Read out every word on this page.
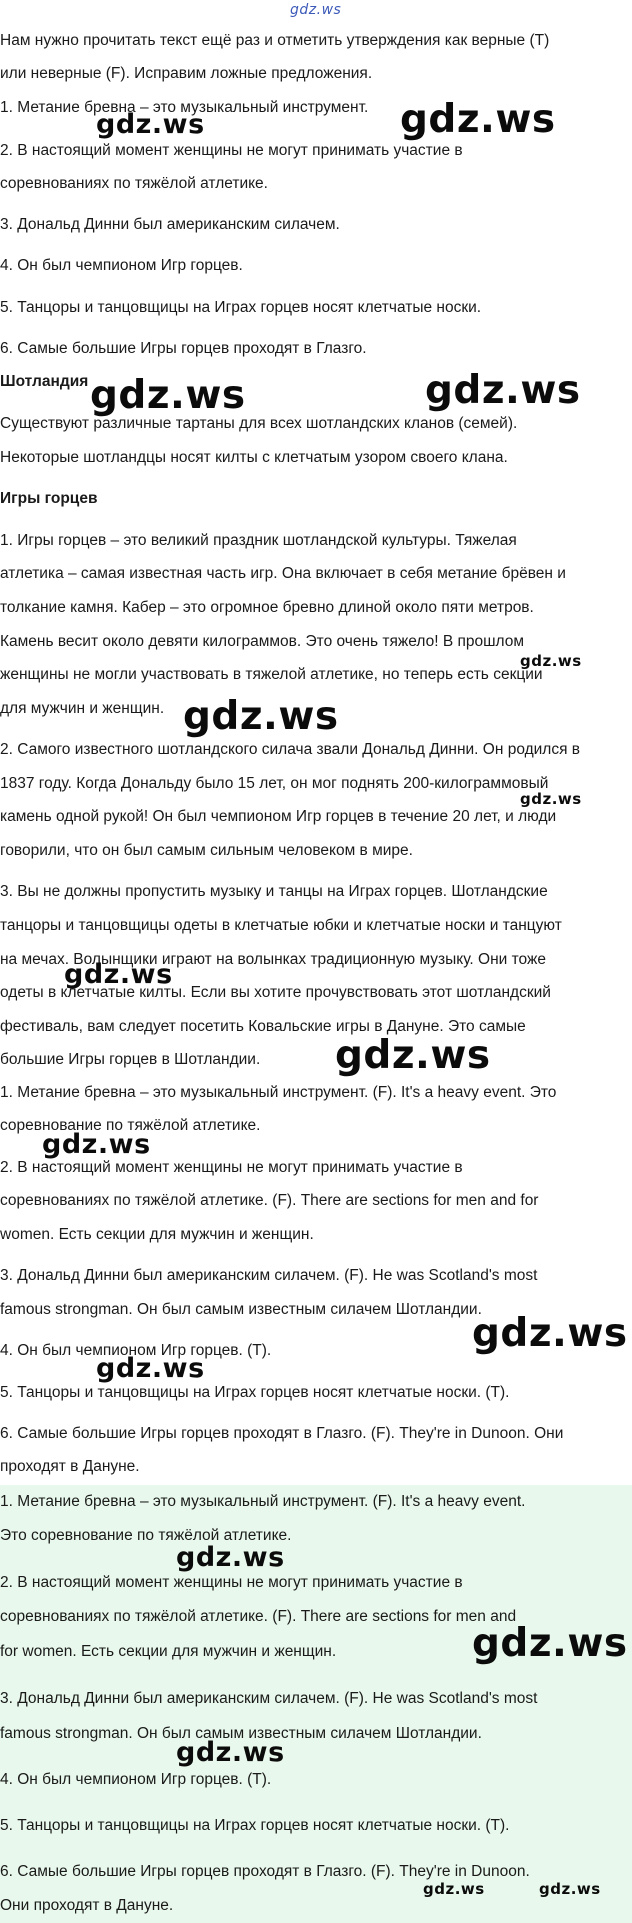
gdz.ws
Нам нужно прочитать текст ещё раз и отметить утверждения как верные (T)
или неверные (F). Исправим ложные предложения.
1. Метание бревна – это музыкальный инструмент.
2. В настоящий момент женщины не могут принимать участие в
соревнованиях по тяжёлой атлетике.
3. Дональд Динни был американским силачем.
4. Он был чемпионом Игр горцев.
5. Танцоры и танцовщицы на Играх горцев носят клетчатые носки.
6. Самые большие Игры горцев проходят в Глазго.
Шотландия
Существуют различные тартаны для всех шотландских кланов (семей).
Некоторые шотландцы носят килты с клетчатым узором своего клана.
Игры горцев
1. Игры горцев – это великий праздник шотландской культуры. Тяжелая
атлетика – самая известная часть игр. Она включает в себя метание брёвен и
толкание камня. Кабер – это огромное бревно длиной около пяти метров.
Камень весит около девяти килограммов. Это очень тяжело! В прошлом
женщины не могли участвовать в тяжелой атлетике, но теперь есть секции
для мужчин и женщин.
2. Самого известного шотландского силача звали Дональд Динни. Он родился в
1837 году. Когда Дональду было 15 лет, он мог поднять 200-килограммовый
камень одной рукой! Он был чемпионом Игр горцев в течение 20 лет, и люди
говорили, что он был самым сильным человеком в мире.
3. Вы не должны пропустить музыку и танцы на Играх горцев. Шотландские
танцоры и танцовщицы одеты в клетчатые юбки и клетчатые носки и танцуют
на мечах. Волынщики играют на волынках традиционную музыку. Они тоже
одеты в клетчатые килты. Если вы хотите прочувствовать этот шотландский
фестиваль, вам следует посетить Ковальские игры в Дануне. Это самые
большие Игры горцев в Шотландии.
1. Метание бревна – это музыкальный инструмент. (F). It's a heavy event. Это
соревнование по тяжёлой атлетике.
2. В настоящий момент женщины не могут принимать участие в
соревнованиях по тяжёлой атлетике. (F). There are sections for men and for
women. Есть секции для мужчин и женщин.
3. Дональд Динни был американским силачем. (F). He was Scotland's most
famous strongman. Он был самым известным силачем Шотландии.
4. Он был чемпионом Игр горцев. (T).
5. Танцоры и танцовщицы на Играх горцев носят клетчатые носки. (T).
6. Самые большие Игры горцев проходят в Глазго. (F). They're in Dunoon. Они
проходят в Дануне.
1. Метание бревна – это музыкальный инструмент. (F). It's a heavy event.
Это соревнование по тяжёлой атлетике.
2. В настоящий момент женщины не могут принимать участие в
соревнованиях по тяжёлой атлетике. (F). There are sections for men and
for women. Есть секции для мужчин и женщин.
3. Дональд Динни был американским силачем. (F). He was Scotland's most
famous strongman. Он был самым известным силачем Шотландии.
4. Он был чемпионом Игр горцев. (T).
5. Танцоры и танцовщицы на Играх горцев носят клетчатые носки. (T).
6. Самые большие Игры горцев проходят в Глазго. (F). They're in Dunoon.
Они проходят в Дануне.
gdz.ws	gdz.ws
gdz.ws	gdz.ws
gdz.ws
gdz.ws
gdz.ws
gdz.ws
gdz.ws
gdz.ws
gdz.ws
gdz.ws
gdz.ws
gdz.ws
gdz.ws
gdz.ws	gdz.ws
